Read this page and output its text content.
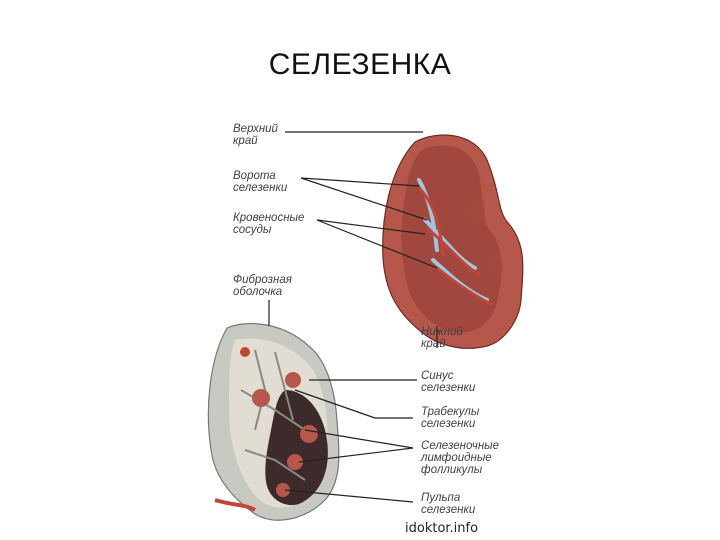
СЕЛЕЗЕНКА
Верхний
край
Ворота
селезенки
Кровеносные
сосуды
Фиброзная
оболочка
Нижний
край
Синус
селезенки
Трабекулы
селезенки
Селезеночные
лимфоидные
фолликулы
Пульпа
селезенки
idoktor.info
